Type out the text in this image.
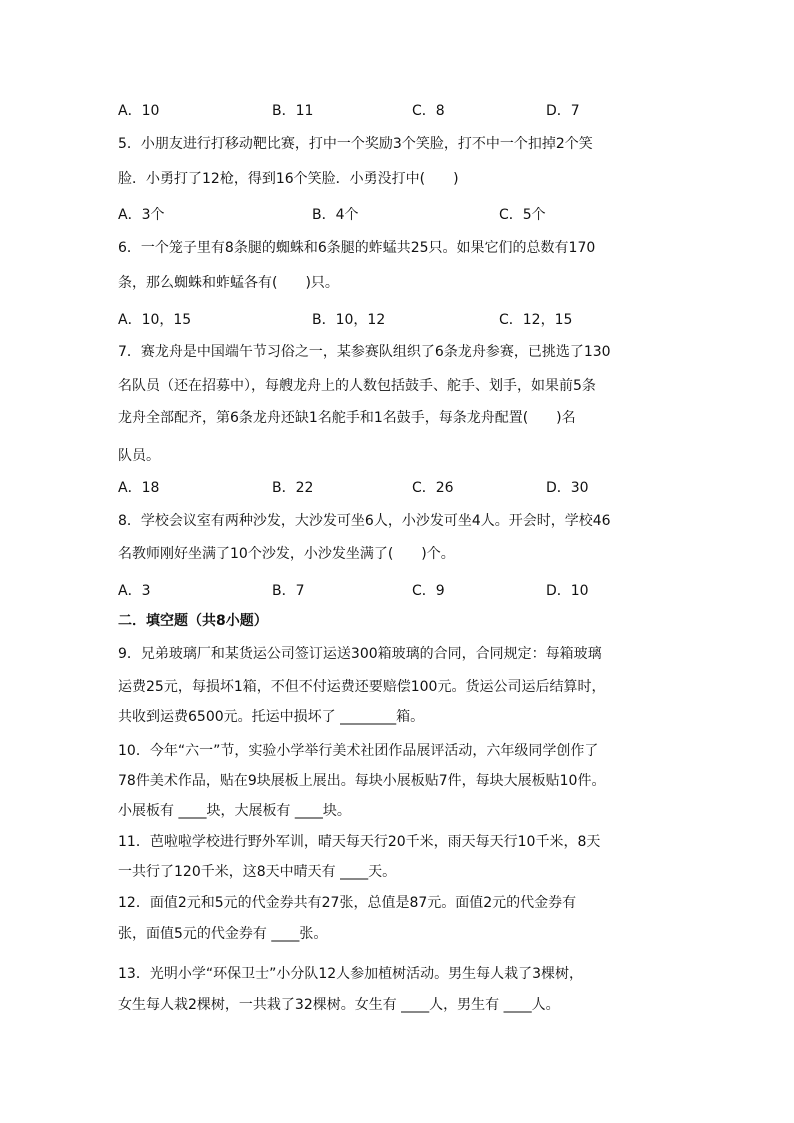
A．10	B．11	C．8	D．7
5．小朋友进行打移动靶比赛，打中一个奖励3个笑脸，打不中一个扣掉2个笑
脸．小勇打了12枪，得到16个笑脸．小勇没打中(　　)
A．3个	B．4个	C．5个
6．一个笼子里有8条腿的蜘蛛和6条腿的蚱蜢共25只。如果它们的总数有170
条，那么蜘蛛和蚱蜢各有(　　)只。
A．10，15	B．10，12	C．12，15
7．赛龙舟是中国端午节习俗之一，某参赛队组织了6条龙舟参赛，已挑选了130
名队员（还在招募中），每艘龙舟上的人数包括鼓手、舵手、划手，如果前5条
龙舟全部配齐，第6条龙舟还缺1名舵手和1名鼓手，每条龙舟配置(　　)名
队员。
A．18	B．22	C．26	D．30
8．学校会议室有两种沙发，大沙发可坐6人，小沙发可坐4人。开会时，学校46
名教师刚好坐满了10个沙发，小沙发坐满了(　　)个。
A．3	B．7	C．9	D．10
二．填空题（共8小题）
9．兄弟玻璃厂和某货运公司签订运送300箱玻璃的合同，合同规定：每箱玻璃
运费25元，每损坏1箱，不但不付运费还要赔偿100元。货运公司运后结算时，
共收到运费6500元。托运中损坏了 ________箱。
10．今年“六一”节，实验小学举行美术社团作品展评活动，六年级同学创作了
78件美术作品，贴在9块展板上展出。每块小展板贴7件，每块大展板贴10件。
小展板有 ____块，大展板有 ____块。
11．芭啦啦学校进行野外军训，晴天每天行20千米，雨天每天行10千米，8天
一共行了120千米，这8天中晴天有 ____天。
12．面值2元和5元的代金券共有27张，总值是87元。面值2元的代金券有
张，面值5元的代金券有 ____张。
13．光明小学“环保卫士”小分队12人参加植树活动。男生每人栽了3棵树，
女生每人栽2棵树，一共栽了32棵树。女生有 ____人，男生有 ____人。
